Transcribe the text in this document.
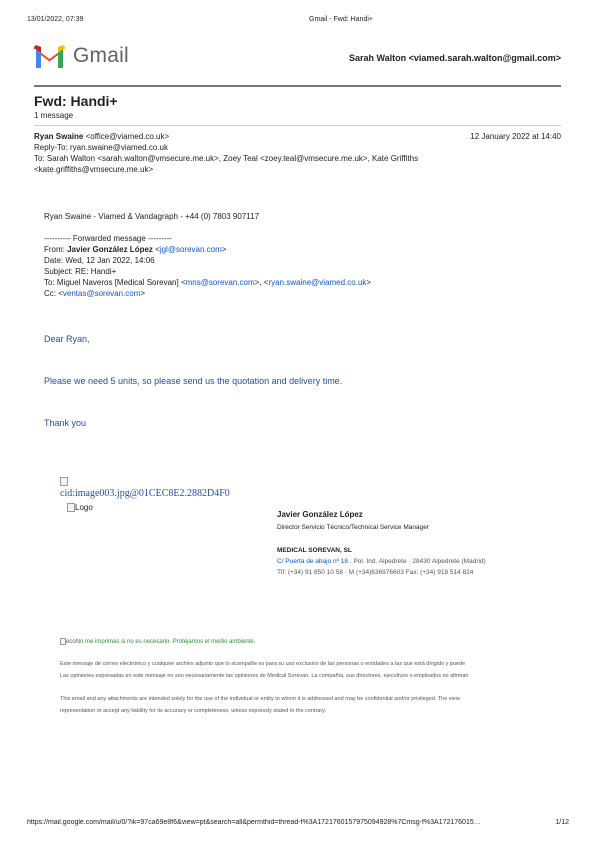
13/01/2022, 07:39	Gmail - Fwd: Handi+
Gmail	Sarah Walton <viamed.sarah.walton@gmail.com>
Fwd: Handi+
1 message
Ryan Swaine <office@viamed.co.uk>	12 January 2022 at 14:40
Reply-To: ryan.swaine@viamed.co.uk
To: Sarah Walton <sarah.walton@vmsecure.me.uk>, Zoey Teal <zoey.teal@vmsecure.me.uk>, Kate Griffiths
<kate.griffiths@vmsecure.me.uk>
Ryan Swaine - Viamed & Vandagraph - +44 (0) 7803 907117
---------- Forwarded message ---------
From: Javier González López <jgl@sorevan.com>
Date: Wed, 12 Jan 2022, 14:06
Subject: RE: Handi+
To: Miguel Naveros [Medical Sorevan] <mns@sorevan.com>, <ryan.swaine@viamed.co.uk>
Cc: <ventas@sorevan.com>
Dear Ryan,
Please we need 5 units, so please send us the quotation and delivery time.
Thank you
cid:image003.jpg@01CEC8E2.2882D4F0
Logo
Javier González López
Director Servicio Técnico/Technical Service Manager
MEDICAL SOREVAN, SL
C/ Puerta de abajo nº 18 . Pol. Ind. Alpedrete · 28430 Alpedrete (Madrid)
Tlf: (+34) 91 850 10 58 · M (+34)636976603 Fax: (+34) 918 514 824
ecoNo me imprimas si no es necesario. Protejamos el medio ambiente.
Este mensaje de correo electrónico y cualquier archivo adjunto que lo acompañe es para su uso exclusivo de las personas o entidades a las que está dirigido y puede
Las opiniones expresadas en este mensaje no son necesariamente las opiniones de Medical Sorevan. La compañía, sus directores, ejecutivos o empleados no afirman
This email and any attachments are intended solely for the use of the individual or entity to whom it is addressed and may be confidential and/or privileged. The view
representation or accept any liability for its accuracy or completeness, unless expressly stated to the contrary.
https://mail.google.com/mail/u/0/?ik=97ca69e8f6&view=pt&search=all&permthid=thread-f%3A1721760157975094928%7Cmsg-f%3A172176015…	1/12
